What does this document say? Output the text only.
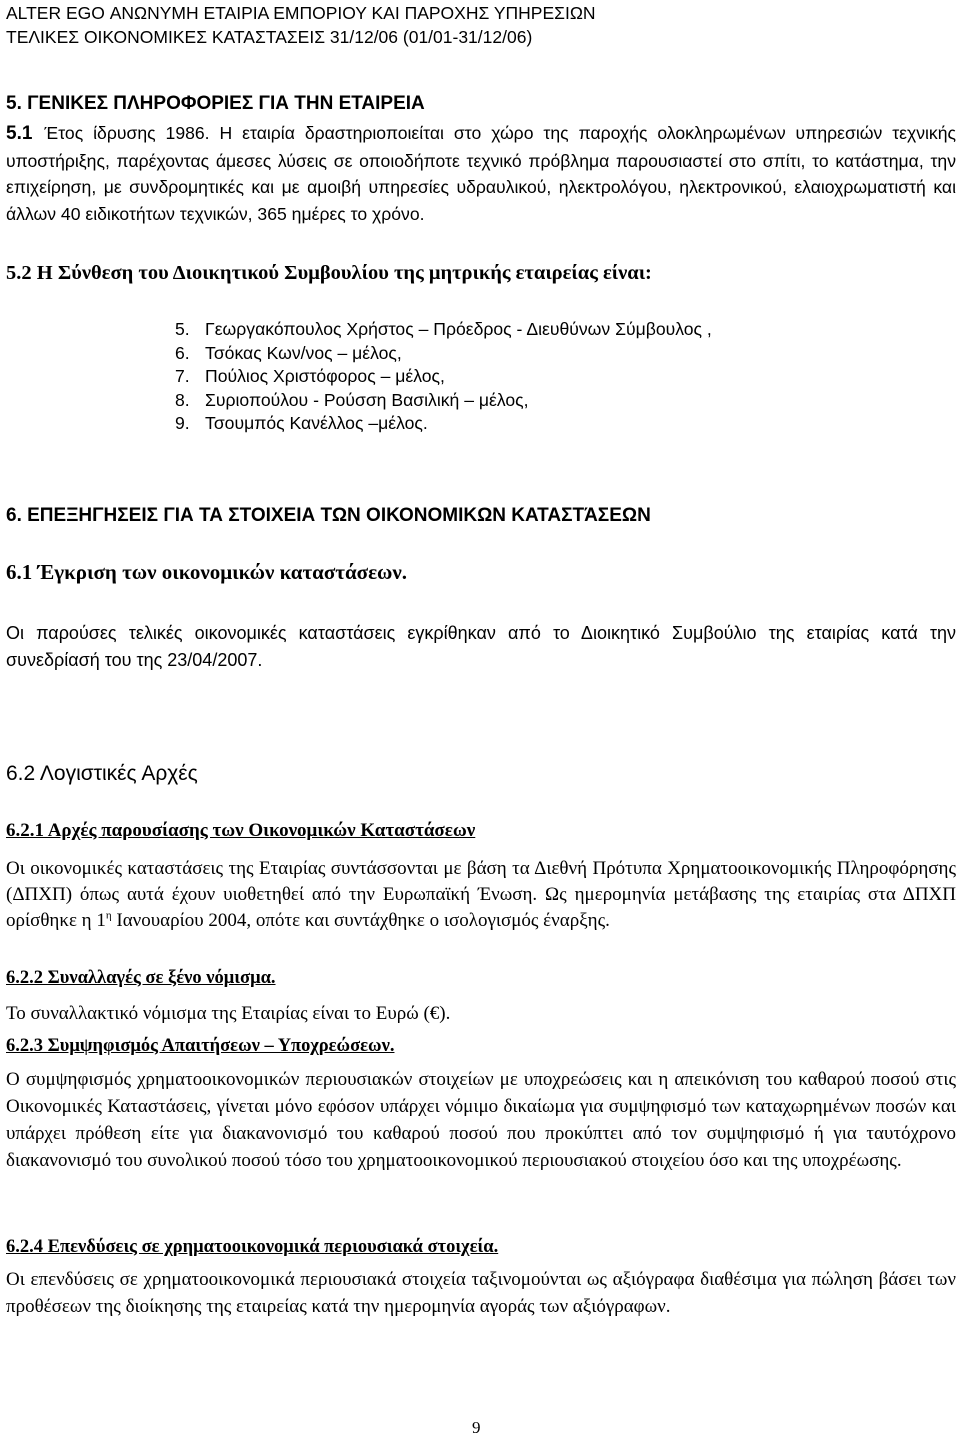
ALTER EGO ΑΝΩΝΥΜΗ ΕΤΑΙΡΙΑ ΕΜΠΟΡΙΟΥ ΚΑΙ ΠΑΡΟΧΗΣ ΥΠΗΡΕΣΙΩΝ
ΤΕΛΙΚΕΣ ΟΙΚΟΝΟΜΙΚΕΣ ΚΑΤΑΣΤΑΣΕΙΣ 31/12/06 (01/01-31/12/06)
5. ΓΕΝΙΚΕΣ ΠΛΗΡΟΦΟΡΙΕΣ ΓΙΑ ΤΗΝ ΕΤΑΙΡΕΙΑ
5.1 Έτος ίδρυσης 1986. Η εταιρία δραστηριοποιείται στο χώρο της παροχής ολοκληρωμένων υπηρεσιών τεχνικής υποστήριξης, παρέχοντας άμεσες λύσεις σε οποιοδήποτε τεχνικό πρόβλημα παρουσιαστεί στο σπίτι, το κατάστημα, την επιχείρηση, με συνδρομητικές και με αμοιβή υπηρεσίες υδραυλικού, ηλεκτρολόγου, ηλεκτρονικού, ελαιοχρωματιστή και άλλων 40 ειδικοτήτων τεχνικών, 365 ημέρες το χρόνο.
5.2 Η Σύνθεση του Διοικητικού Συμβουλίου της μητρικής εταιρείας είναι:
5. Γεωργακόπουλος Χρήστος – Πρόεδρος - Διευθύνων Σύμβουλος ,
6. Τσόκας Κων/νος – μέλος,
7. Πούλιος Χριστόφορος – μέλος,
8. Συριοπούλου - Ρούσση Βασιλική – μέλος,
9. Τσουμπός Κανέλλος –μέλος.
6. ΕΠΕΞΗΓΗΣΕΙΣ ΓΙΑ ΤΑ ΣΤΟΙΧΕΙΑ ΤΩΝ ΟΙΚΟΝΟΜΙΚΩΝ ΚΑΤΑΣΤΆΣΕΩΝ
6.1 Έγκριση των οικονομικών καταστάσεων.
Οι παρούσες τελικές οικονομικές καταστάσεις εγκρίθηκαν από το Διοικητικό Συμβούλιο της εταιρίας κατά την συνεδρίασή του της 23/04/2007.
6.2 Λογιστικές Αρχές
6.2.1 Αρχές παρουσίασης των Οικονομικών Καταστάσεων
Οι οικονομικές καταστάσεις της Εταιρίας συντάσσονται με βάση τα Διεθνή Πρότυπα Χρηματοοικονομικής Πληροφόρησης (ΔΠΧΠ) όπως αυτά έχουν υιοθετηθεί από την Ευρωπαϊκή Ένωση. Ως ημερομηνία μετάβασης της εταιρίας στα ΔΠΧΠ ορίσθηκε η $1^\eta$ Ιανουαρίου 2004, οπότε και συντάχθηκε ο ισολογισμός έναρξης.
6.2.2 Συναλλαγές σε ξένο νόμισμα.
Το συναλλακτικό νόμισμα της Εταιρίας είναι το Ευρώ (€).
6.2.3 Συμψηφισμός Απαιτήσεων – Υποχρεώσεων.
Ο συμψηφισμός χρηματοοικονομικών περιουσιακών στοιχείων με υποχρεώσεις και η απεικόνιση του καθαρού ποσού στις Οικονομικές Καταστάσεις, γίνεται μόνο εφόσον υπάρχει νόμιμο δικαίωμα για συμψηφισμό των καταχωρημένων ποσών και υπάρχει πρόθεση είτε για διακανονισμό του καθαρού ποσού που προκύπτει από τον συμψηφισμό ή για ταυτόχρονο διακανονισμό του συνολικού ποσού τόσο του χρηματοοικονομικού περιουσιακού στοιχείου όσο και της υποχρέωσης.
6.2.4 Επενδύσεις σε χρηματοοικονομικά περιουσιακά στοιχεία.
Οι επενδύσεις σε χρηματοοικονομικά περιουσιακά στοιχεία ταξινομούνται ως αξιόγραφα διαθέσιμα για πώληση βάσει των προθέσεων της διοίκησης της εταιρείας κατά την ημερομηνία αγοράς των αξιόγραφων.
9
